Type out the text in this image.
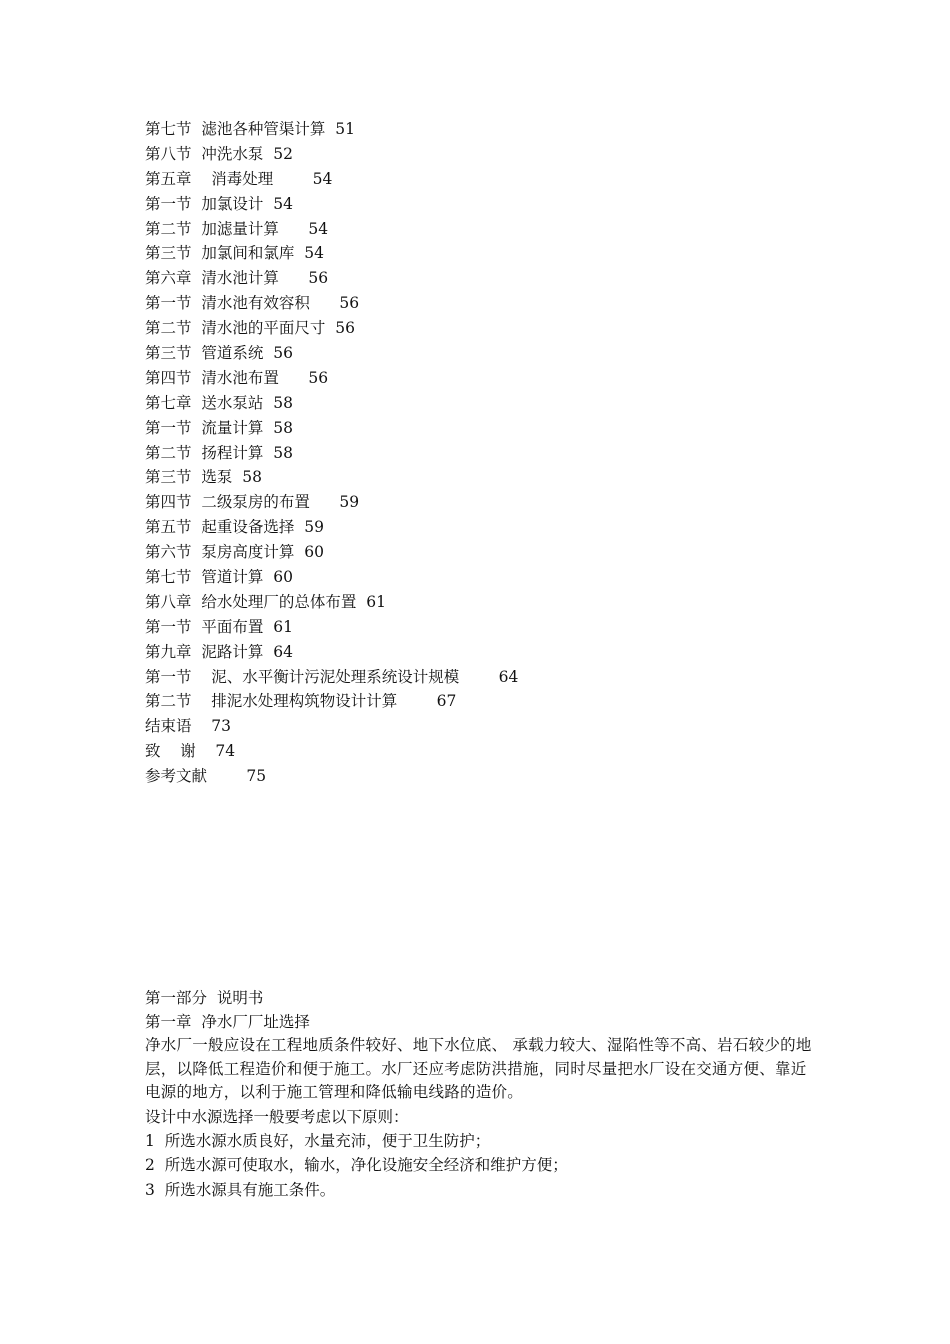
第七节  滤池各种管渠计算  51
第八节  冲洗水泵  52
第五章    消毒处理        54
第一节  加氯设计  54
第二节  加滤量计算      54
第三节  加氯间和氯库  54
第六章  清水池计算      56
第一节  清水池有效容积      56
第二节  清水池的平面尺寸  56
第三节  管道系统  56
第四节  清水池布置      56
第七章  送水泵站  58
第一节  流量计算  58
第二节  扬程计算  58
第三节  选泵  58
第四节  二级泵房的布置      59
第五节  起重设备选择  59
第六节  泵房高度计算  60
第七节  管道计算  60
第八章  给水处理厂的总体布置  61
第一节  平面布置  61
第九章  泥路计算  64
第一节    泥、水平衡计污泥处理系统设计规模        64
第二节    排泥水处理构筑物设计计算        67
结束语    73
致    谢    74
参考文献        75
第一部分  说明书
第一章  净水厂厂址选择
净水厂一般应设在工程地质条件较好、地下水位底、 承载力较大、湿陷性等不高、岩石较少的地层，以降低工程造价和便于施工。水厂还应考虑防洪措施，同时尽量把水厂设在交通方便、靠近电源的地方，以利于施工管理和降低输电线路的造价。
设计中水源选择一般要考虑以下原则：
1  所选水源水质良好，水量充沛，便于卫生防护；
2  所选水源可使取水，输水，净化设施安全经济和维护方便；
3  所选水源具有施工条件。
